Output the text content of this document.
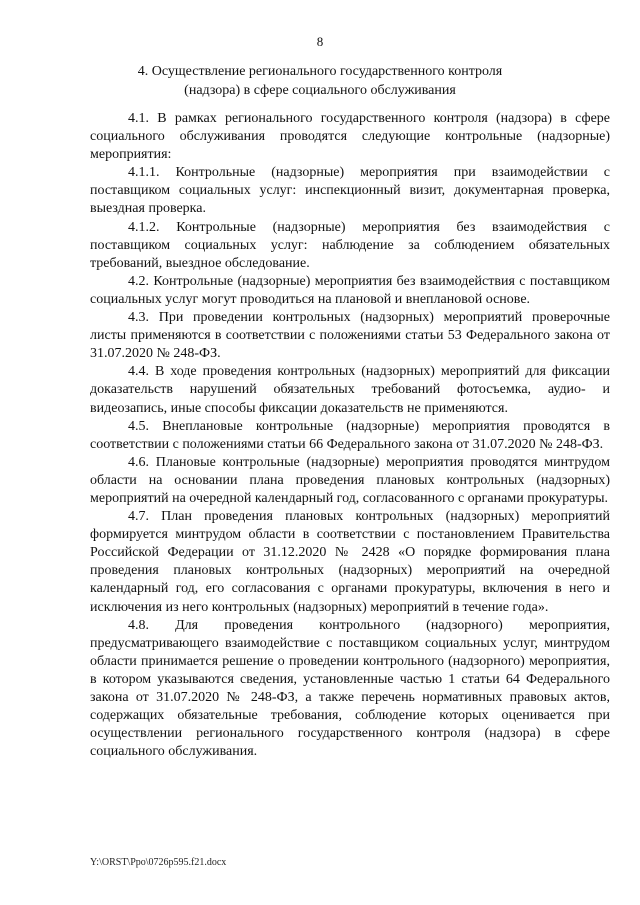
8
4. Осуществление регионального государственного контроля (надзора) в сфере социального обслуживания

4.1. В рамках регионального государственного контроля (надзора) в сфере социального обслуживания проводятся следующие контрольные (надзорные) мероприятия:

4.1.1. Контрольные (надзорные) мероприятия при взаимодействии с поставщиком социальных услуг: инспекционный визит, документарная проверка, выездная проверка.

4.1.2. Контрольные (надзорные) мероприятия без взаимодействия с поставщиком социальных услуг: наблюдение за соблюдением обязательных требований, выездное обследование.

4.2. Контрольные (надзорные) мероприятия без взаимодействия с поставщиком социальных услуг могут проводиться на плановой и внеплановой основе.

4.3. При проведении контрольных (надзорных) мероприятий проверочные листы применяются в соответствии с положениями статьи 53 Федерального закона от 31.07.2020 № 248-ФЗ.

4.4. В ходе проведения контрольных (надзорных) мероприятий для фиксации доказательств нарушений обязательных требований фотосъемка, аудио- и видеозапись, иные способы фиксации доказательств не применяются.

4.5. Внеплановые контрольные (надзорные) мероприятия проводятся в соответствии с положениями статьи 66 Федерального закона от 31.07.2020 № 248-ФЗ.

4.6. Плановые контрольные (надзорные) мероприятия проводятся минтрудом области на основании плана проведения плановых контрольных (надзорных) мероприятий на очередной календарный год, согласованного с органами прокуратуры.

4.7. План проведения плановых контрольных (надзорных) мероприятий формируется минтрудом области в соответствии с постановлением Правительства Российской Федерации от 31.12.2020 № 2428 «О порядке формирования плана проведения плановых контрольных (надзорных) мероприятий на очередной календарный год, его согласования с органами прокуратуры, включения в него и исключения из него контрольных (надзорных) мероприятий в течение года».

4.8. Для проведения контрольного (надзорного) мероприятия, предусматривающего взаимодействие с поставщиком социальных услуг, минтрудом области принимается решение о проведении контрольного (надзорного) мероприятия, в котором указываются сведения, установленные частью 1 статьи 64 Федерального закона от 31.07.2020 № 248-ФЗ, а также перечень нормативных правовых актов, содержащих обязательные требования, соблюдение которых оценивается при осуществлении регионального государственного контроля (надзора) в сфере социального обслуживания.

Y:\ORST\Ppo\0726p595.f21.docx
